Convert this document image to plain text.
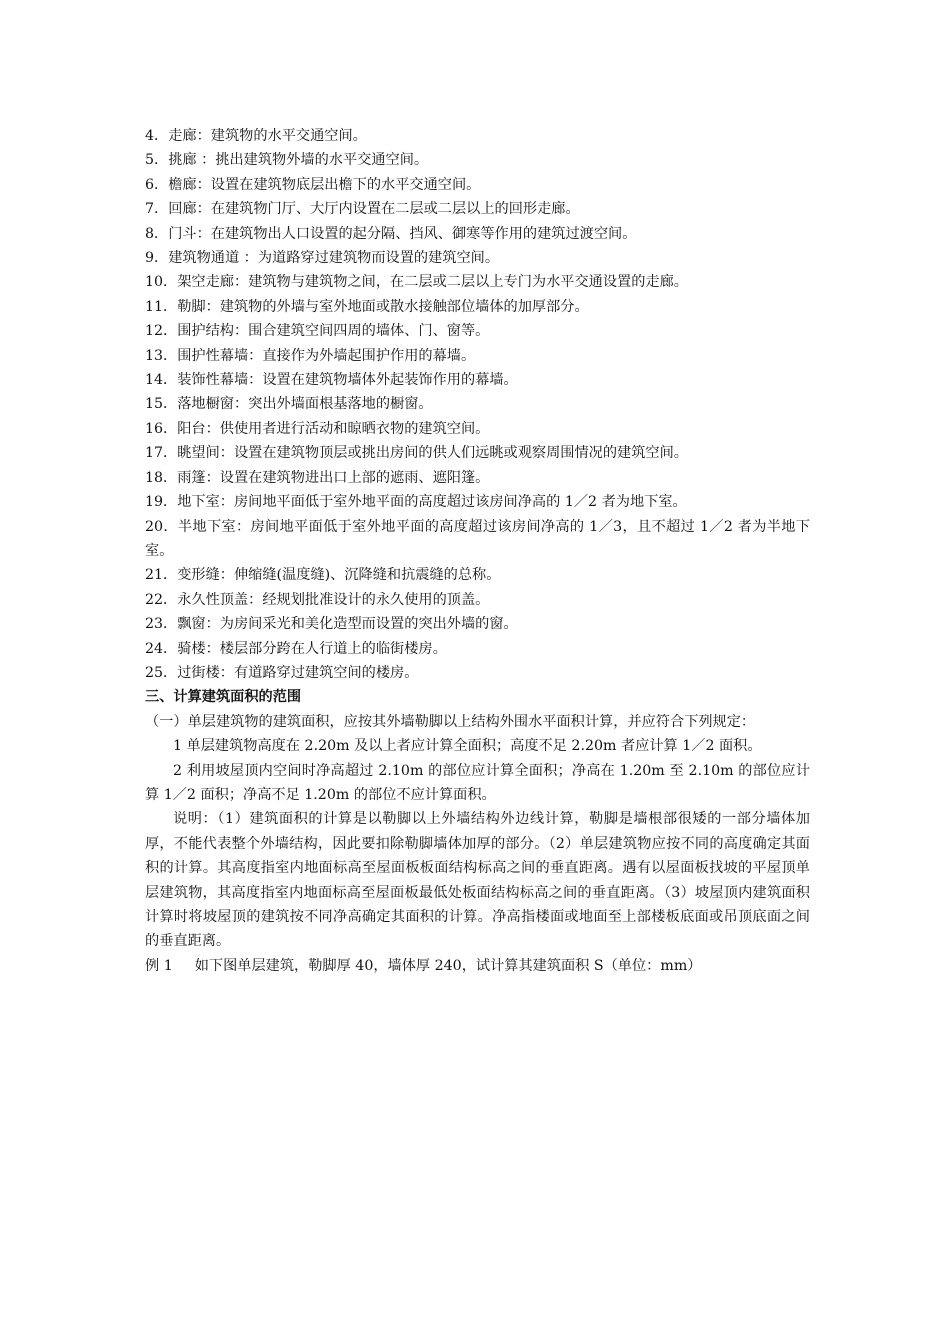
4．走廊：建筑物的水平交通空间。
5．挑廊 ：挑出建筑物外墙的水平交通空间。
6．檐廊：设置在建筑物底层出檐下的水平交通空间。
7．回廊：在建筑物门厅、大厅内设置在二层或二层以上的回形走廊。
8．门斗：在建筑物出人口设置的起分隔、挡风、御寒等作用的建筑过渡空间。
9．建筑物通道 ：为道路穿过建筑物而设置的建筑空间。
10．架空走廊：建筑物与建筑物之间，在二层或二层以上专门为水平交通设置的走廊。
11．勒脚：建筑物的外墙与室外地面或散水接触部位墙体的加厚部分。
12．围护结构：围合建筑空间四周的墙体、门、窗等。
13．围护性幕墙：直接作为外墙起围护作用的幕墙。
14．装饰性幕墙：设置在建筑物墙体外起装饰作用的幕墙。
15．落地橱窗：突出外墙面根基落地的橱窗。
16．阳台：供使用者进行活动和晾晒衣物的建筑空间。
17．眺望间：设置在建筑物顶层或挑出房间的供人们远眺或观察周围情况的建筑空间。
18．雨篷：设置在建筑物进出口上部的遮雨、遮阳篷。
19．地下室：房间地平面低于室外地平面的高度超过该房间净高的 1／2 者为地下室。
20．半地下室：房间地平面低于室外地平面的高度超过该房间净高的 1／3，且不超过 1／2 者为半地下室。
21．变形缝：伸缩缝(温度缝)、沉降缝和抗震缝的总称。
22．永久性顶盖：经规划批准设计的永久使用的顶盖。
23．飘窗：为房间采光和美化造型而设置的突出外墙的窗。
24．骑楼：楼层部分跨在人行道上的临街楼房。
25．过街楼：有道路穿过建筑空间的楼房。
三、计算建筑面积的范围
（一）单层建筑物的建筑面积，应按其外墙勒脚以上结构外围水平面积计算，并应符合下列规定：
1 单层建筑物高度在 2.20m 及以上者应计算全面积；高度不足 2.20m 者应计算 1／2 面积。
2 利用坡屋顶内空间时净高超过 2.10m 的部位应计算全面积；净高在 1.20m 至 2.10m 的部位应计算 1／2 面积；净高不足 1.20m 的部位不应计算面积。
说明：（1）建筑面积的计算是以勒脚以上外墙结构外边线计算，勒脚是墙根部很矮的一部分墙体加厚，不能代表整个外墙结构，因此要扣除勒脚墙体加厚的部分。（2）单层建筑物应按不同的高度确定其面积的计算。其高度指室内地面标高至屋面板板面结构标高之间的垂直距离。遇有以屋面板找坡的平屋顶单层建筑物，其高度指室内地面标高至屋面板最低处板面结构标高之间的垂直距离。（3）坡屋顶内建筑面积计算时将坡屋顶的建筑按不同净高确定其面积的计算。净高指楼面或地面至上部楼板底面或吊顶底面之间的垂直距离。
例 1 如下图单层建筑，勒脚厚 40，墙体厚 240，试计算其建筑面积 S（单位：mm）
